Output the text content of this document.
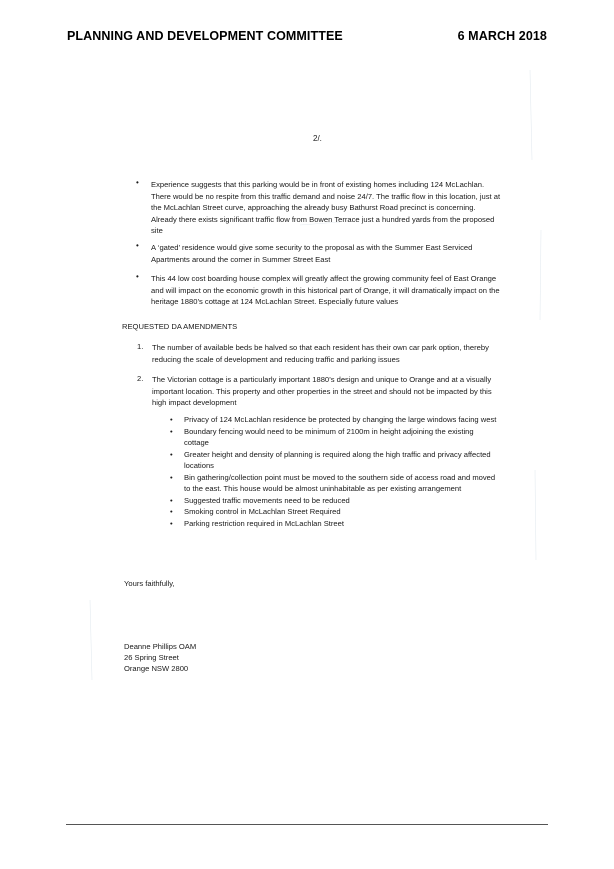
PLANNING AND DEVELOPMENT COMMITTEE	6 MARCH 2018
2/.
• Experience suggests that this parking would be in front of existing homes including 124 McLachlan. There would be no respite from this traffic demand and noise 24/7. The traffic flow in this location, just at the McLachlan Street curve, approaching the already busy Bathurst Road precinct is concerning. Already there exists significant traffic flow from Bowen Terrace just a hundred yards from the proposed site
• A ‘gated’ residence would give some security to the proposal as with the Summer East Serviced Apartments around the corner in Summer Street East
• This 44 low cost boarding house complex will greatly affect the growing community feel of East Orange and will impact on the economic growth in this historical part of Orange, it will dramatically impact on the heritage 1880’s cottage at 124 McLachlan Street. Especially future values
REQUESTED DA AMENDMENTS
1. The number of available beds be halved so that each resident has their own car park option, thereby reducing the scale of development and reducing traffic and parking issues
2. The Victorian cottage is a particularly important 1880’s design and unique to Orange and at a visually important location. This property and other properties in the street and should not be impacted by this high impact development
• Privacy of 124 McLachlan residence be protected by changing the large windows facing west
• Boundary fencing would need to be minimum of 2100m in height adjoining the existing cottage
• Greater height and density of planning is required along the high traffic and privacy affected locations
• Bin gathering/collection point must be moved to the southern side of access road and moved to the east. This house would be almost uninhabitable as per existing arrangement
• Suggested traffic movements need to be reduced
• Smoking control in McLachlan Street Required
• Parking restriction required in McLachlan Street
Yours faithfully,
Deanne Phillips OAM
26 Spring Street
Orange NSW 2800
